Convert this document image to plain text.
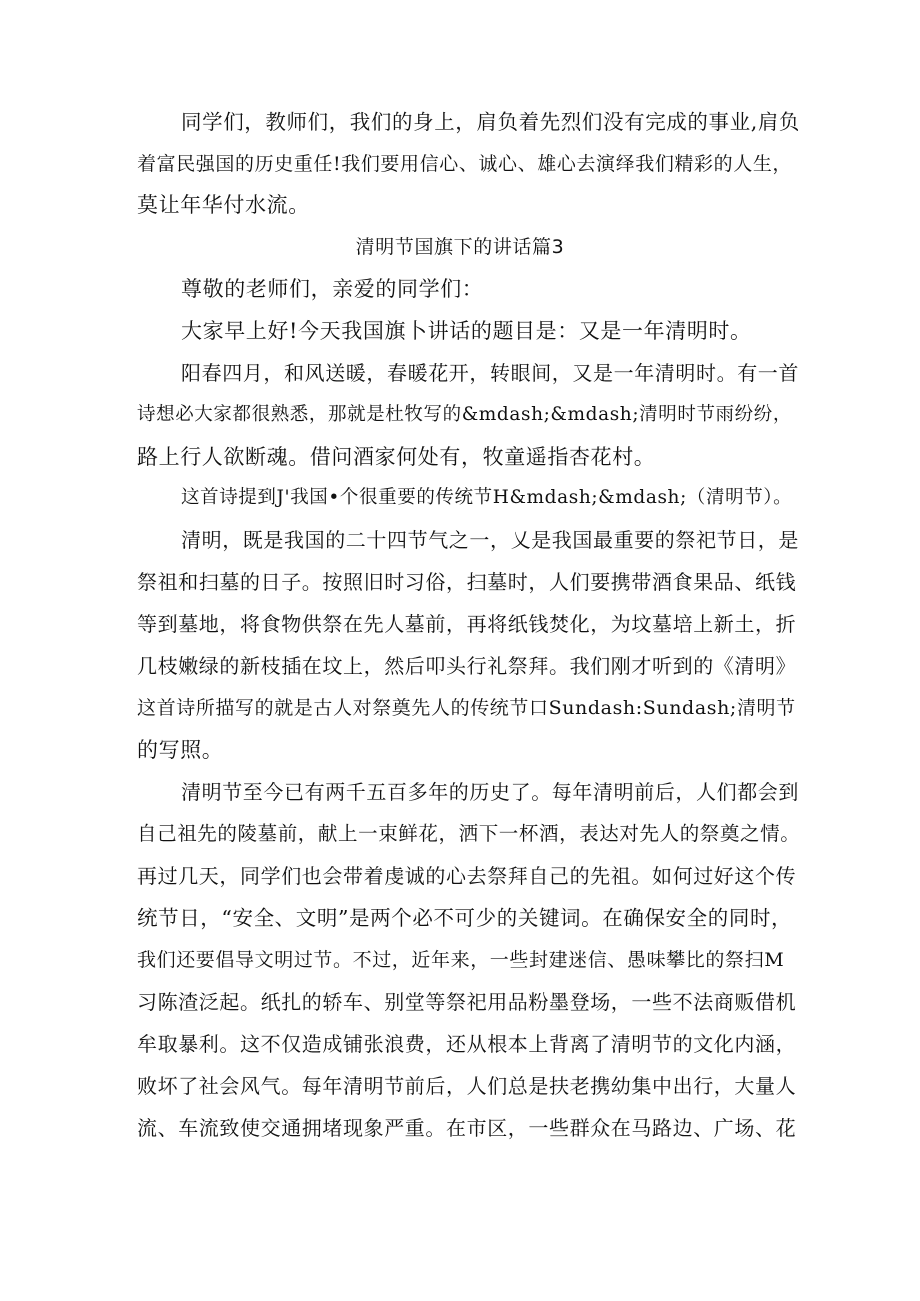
同学们，教师们，我们的身上，肩负着先烈们没有完成的事业,肩负
着富民强国的历史重任!我们要用信心、诚心、雄心去演绎我们精彩的人生，
莫让年华付水流。
清明节国旗下的讲话篇3
尊敬的老师们，亲爱的同学们：
大家早上好!今天我国旗卜讲话的题目是：又是一年清明时。
阳春四月，和风送暖，春暖花开，转眼间，又是一年清明时。有一首
诗想必大家都很熟悉，那就是杜牧写的&mdash;&mdash;清明时节雨纷纷，
路上行人欲断魂。借问酒家何处有，牧童遥指杏花村。
这首诗提到J'我国•个很重要的传统节H&mdash;&mdash;（清明节）。
清明，既是我国的二十四节气之一，乂是我国最重要的祭祀节日，是
祭祖和扫墓的日子。按照旧时习俗，扫墓时，人们要携带酒食果品、纸钱
等到墓地，将食物供祭在先人墓前，再将纸钱焚化，为坟墓培上新土，折
几枝嫩绿的新枝插在坟上，然后叩头行礼祭拜。我们刚才听到的《清明》
这首诗所描写的就是古人对祭奠先人的传统节口Sundash:Sundash;清明节
的写照。
清明节至今已有两千五百多年的历史了。每年清明前后，人们都会到
自己祖先的陵墓前，献上一束鲜花，洒下一杯酒，表达对先人的祭奠之情。
再过几天，同学们也会带着虔诚的心去祭拜自己的先祖。如何过好这个传
统节日，“安全、文明”是两个必不可少的关键词。在确保安全的同时，
我们还要倡导文明过节。不过，近年来，一些封建迷信、愚味攀比的祭扫M
习陈渣泛起。纸扎的轿车、别堂等祭祀用品粉墨登场，一些不法商贩借机
牟取暴利。这不仅造成铺张浪费，还从根本上背离了清明节的文化内涵，
败坏了社会风气。每年清明节前后，人们总是扶老携幼集中出行，大量人
流、车流致使交通拥堵现象严重。在市区，一些群众在马路边、广场、花
